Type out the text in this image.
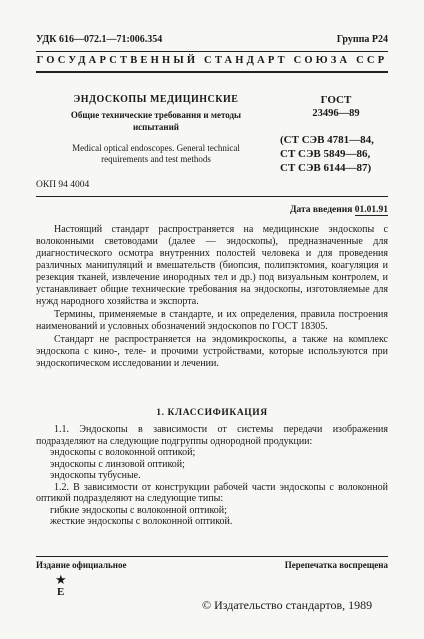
УДК 616—072.1—71:006.354	Группа Р24
ГОСУДАРСТВЕННЫЙ СТАНДАРТ СОЮЗА ССР
ЭНДОСКОПЫ МЕДИЦИНСКИЕ
Общие технические требования и методы
испытаний
Medical optical endoscopes. General technical
requirements and test methods
ГОСТ
23496—89
(СТ СЭВ 4781—84,
СТ СЭВ 5849—86,
СТ СЭВ 6144—87)
ОКП 94 4004
Дата введения 01.01.91

Настоящий стандарт распространяется на медицинские эндоскопы с волоконными световодами (далее — эндоскопы), предназначенные для диагностического осмотра внутренних полостей человека и для проведения различных манипуляций и вмешательств (биопсия, полипэктомия, коагуляция и резекция тканей, извлечение инородных тел и др.) под визуальным контролем, и устанавливает общие технические требования на эндоскопы, изготовляемые для нужд народного хозяйства и экспорта.

Термины, применяемые в стандарте, и их определения, правила построения наименований и условных обозначений эндоскопов по ГОСТ 18305.

Стандарт не распространяется на эндомикроскопы, а также на комплекс эндоскопа с кино-, теле- и прочими устройствами, которые используются при эндоскопическом исследовании и лечении.

1. КЛАССИФИКАЦИЯ

1.1. Эндоскопы в зависимости от системы передачи изображения подразделяют на следующие подгруппы однородной продукции:

эндоскопы с волоконной оптикой;

эндоскопы с линзовой оптикой;

эндоскопы тубусные.

1.2. В зависимости от конструкции рабочей части эндоскопы с волоконной оптикой подразделяют на следующие типы:

гибкие эндоскопы с волоконной оптикой;

жесткие эндоскопы с волоконной оптикой.

Издание официальное	Перепечатка воспрещена
★
Е
© Издательство стандартов, 1989
